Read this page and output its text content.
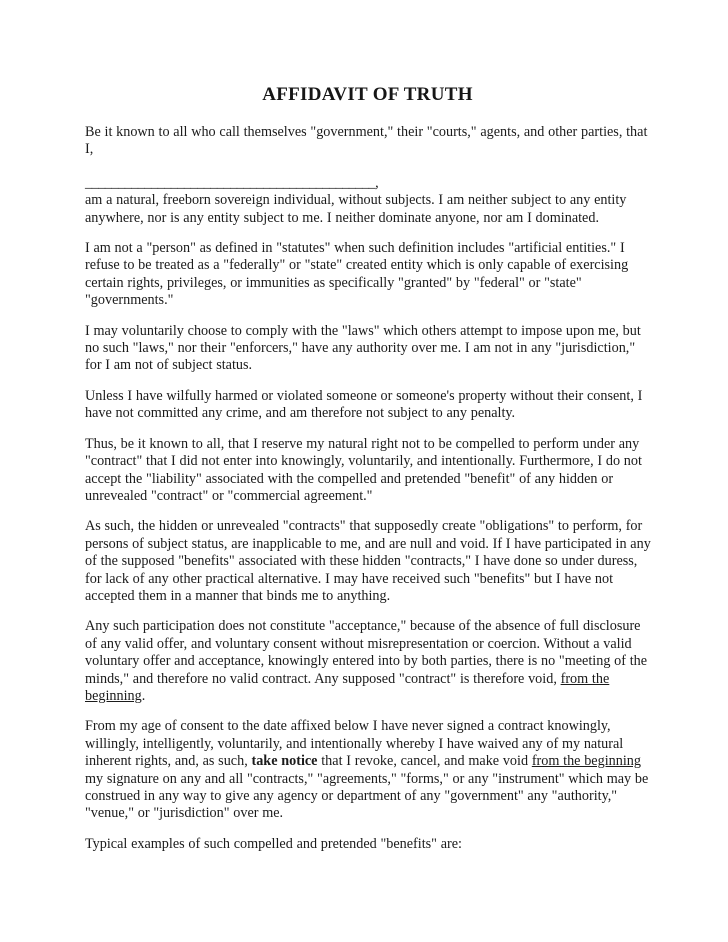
AFFIDAVIT OF TRUTH

Be it known to all who call themselves "government," their "courts," agents, and other parties, that I,

____________________________________________,

am a natural, freeborn sovereign individual, without subjects. I am neither subject to any entity anywhere, nor is any entity subject to me. I neither dominate anyone, nor am I dominated.

I am not a "person" as defined in "statutes" when such definition includes "artificial entities." I refuse to be treated as a "federally" or "state" created entity which is only capable of exercising certain rights, privileges, or immunities as specifically "granted" by "federal" or "state" "governments."

I may voluntarily choose to comply with the "laws" which others attempt to impose upon me, but no such "laws," nor their "enforcers," have any authority over me. I am not in any "jurisdiction," for I am not of subject status.

Unless I have wilfully harmed or violated someone or someone's property without their consent, I have not committed any crime, and am therefore not subject to any penalty.

Thus, be it known to all, that I reserve my natural right not to be compelled to perform under any "contract" that I did not enter into knowingly, voluntarily, and intentionally. Furthermore, I do not accept the "liability" associated with the compelled and pretended "benefit" of any hidden or unrevealed "contract" or "commercial agreement."

As such, the hidden or unrevealed "contracts" that supposedly create "obligations" to perform, for persons of subject status, are inapplicable to me, and are null and void. If I have participated in any of the supposed "benefits" associated with these hidden "contracts," I have done so under duress, for lack of any other practical alternative. I may have received such "benefits" but I have not accepted them in a manner that binds me to anything.

Any such participation does not constitute "acceptance," because of the absence of full disclosure of any valid offer, and voluntary consent without misrepresentation or coercion. Without a valid voluntary offer and acceptance, knowingly entered into by both parties, there is no "meeting of the minds," and therefore no valid contract. Any supposed "contract" is therefore void, from the beginning.

From my age of consent to the date affixed below I have never signed a contract knowingly, willingly, intelligently, voluntarily, and intentionally whereby I have waived any of my natural inherent rights, and, as such, take notice that I revoke, cancel, and make void from the beginning my signature on any and all "contracts," "agreements," "forms," or any "instrument" which may be construed in any way to give any agency or department of any "government" any "authority," "venue," or "jurisdiction" over me.

Typical examples of such compelled and pretended "benefits" are:
